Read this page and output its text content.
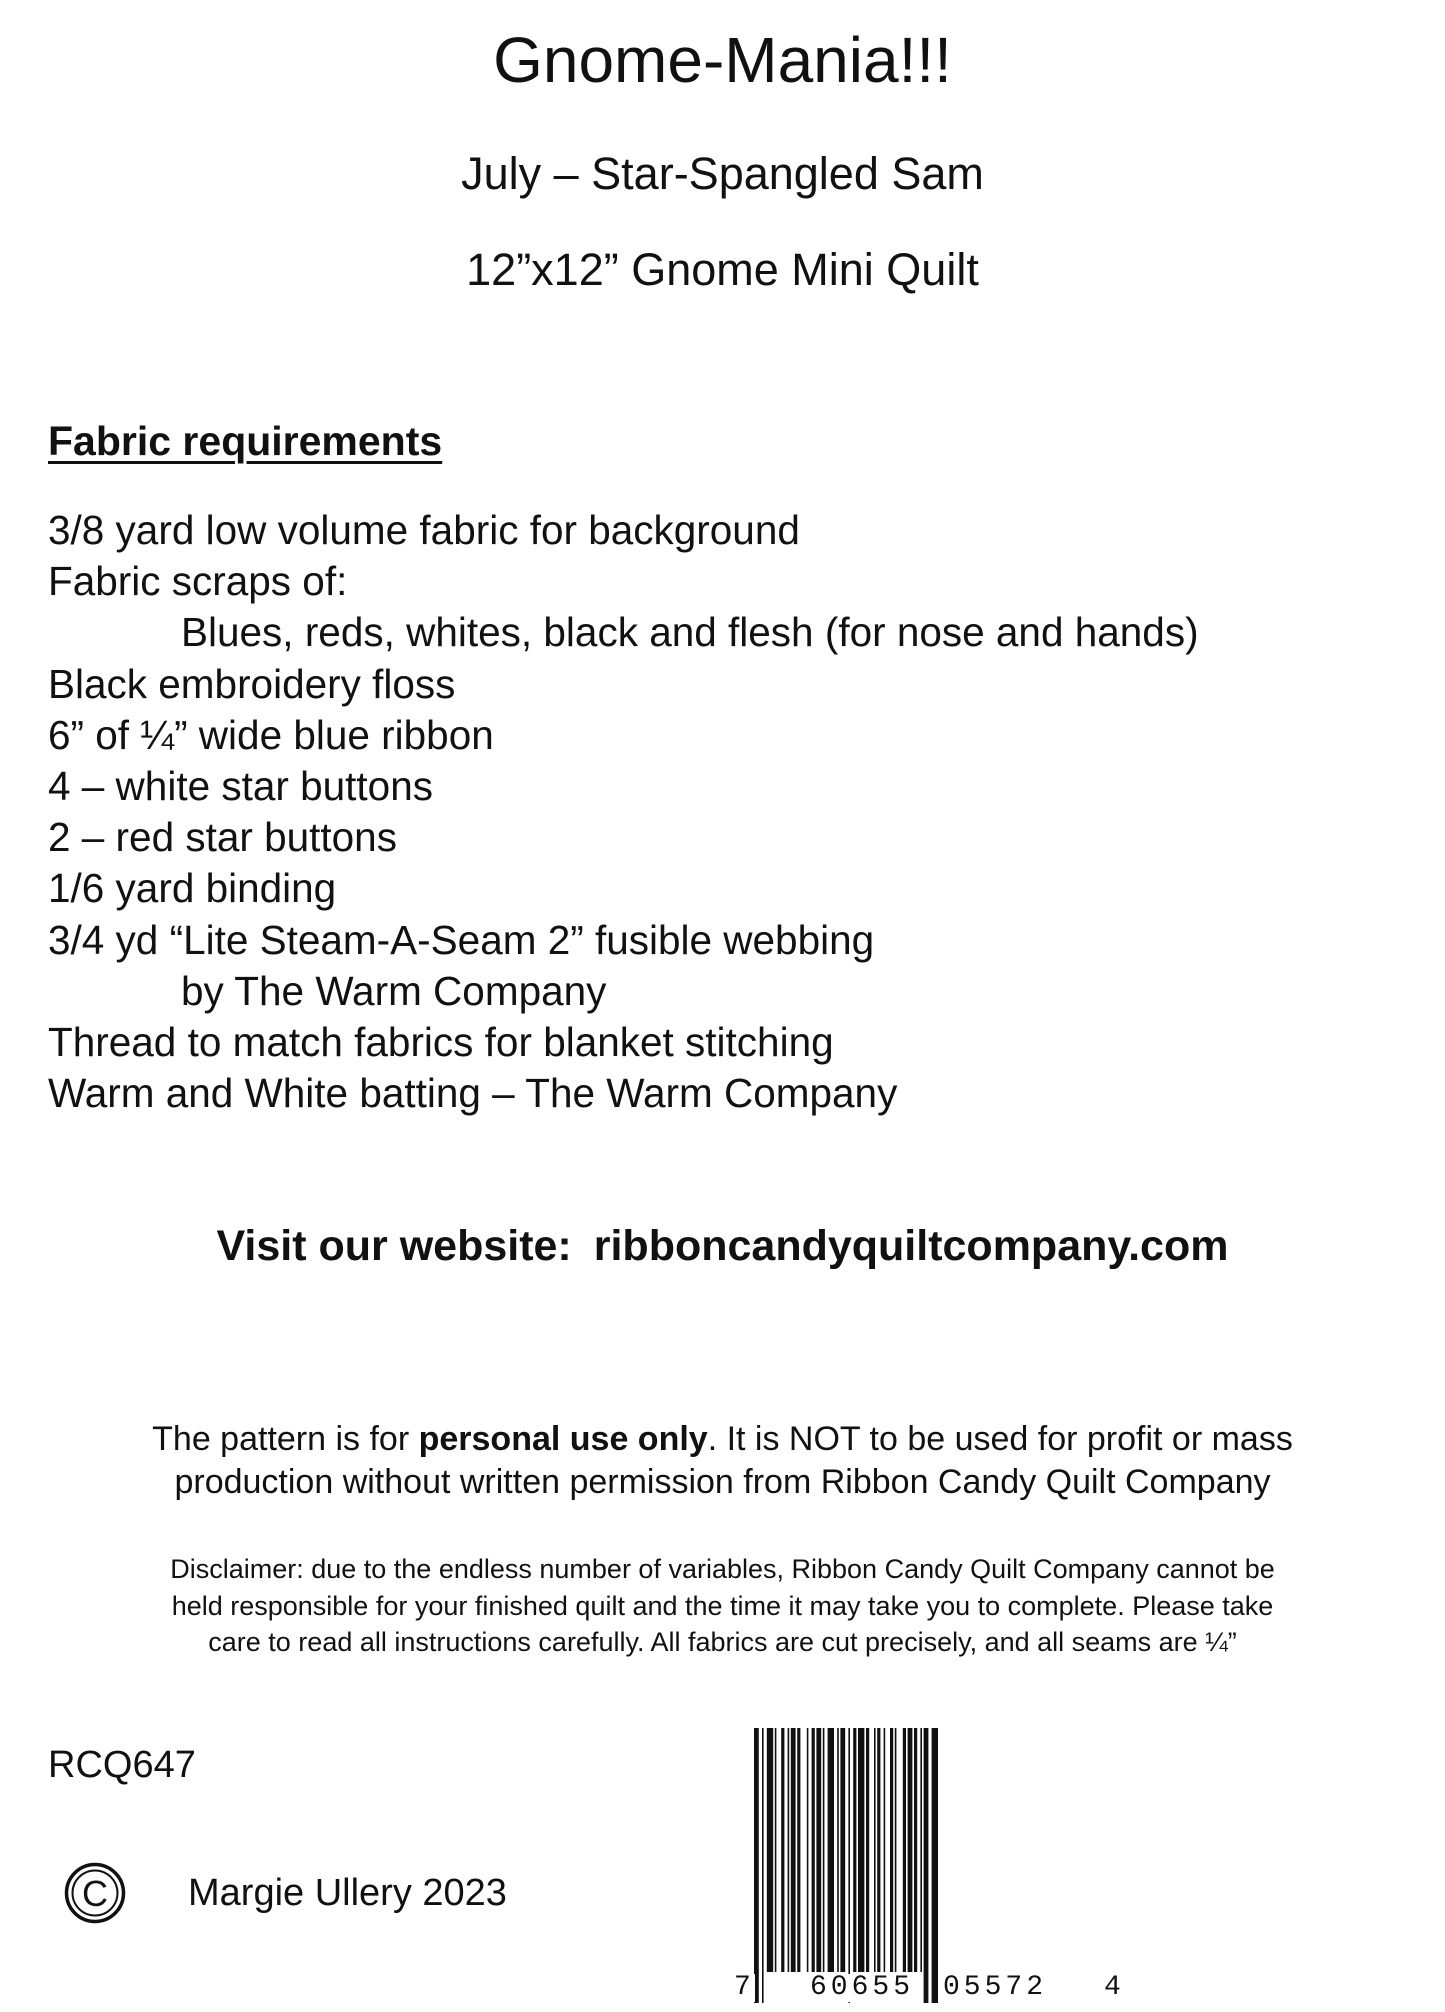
Gnome-Mania!!!
July – Star-Spangled Sam
12”x12” Gnome Mini Quilt
Fabric requirements
3/8 yard low volume fabric for background
Fabric scraps of:
Blues, reds, whites, black and flesh (for nose and hands)
Black embroidery floss
6” of ¼” wide blue ribbon
4 – white star buttons
2 – red star buttons
1/6 yard binding
3/4 yd “Lite Steam-A-Seam 2” fusible webbing
by The Warm Company
Thread to match fabrics for blanket stitching
Warm and White batting – The Warm Company
Visit our website: ribboncandyquiltcompany.com
The pattern is for personal use only. It is NOT to be used for profit or mass
production without written permission from Ribbon Candy Quilt Company
Disclaimer: due to the endless number of variables, Ribbon Candy Quilt Company cannot be
held responsible for your finished quilt and the time it may take you to complete. Please take
care to read all instructions carefully. All fabrics are cut precisely, and all seams are ¼”
RCQ647
C Margie Ullery 2023
7 60655 05572 4
